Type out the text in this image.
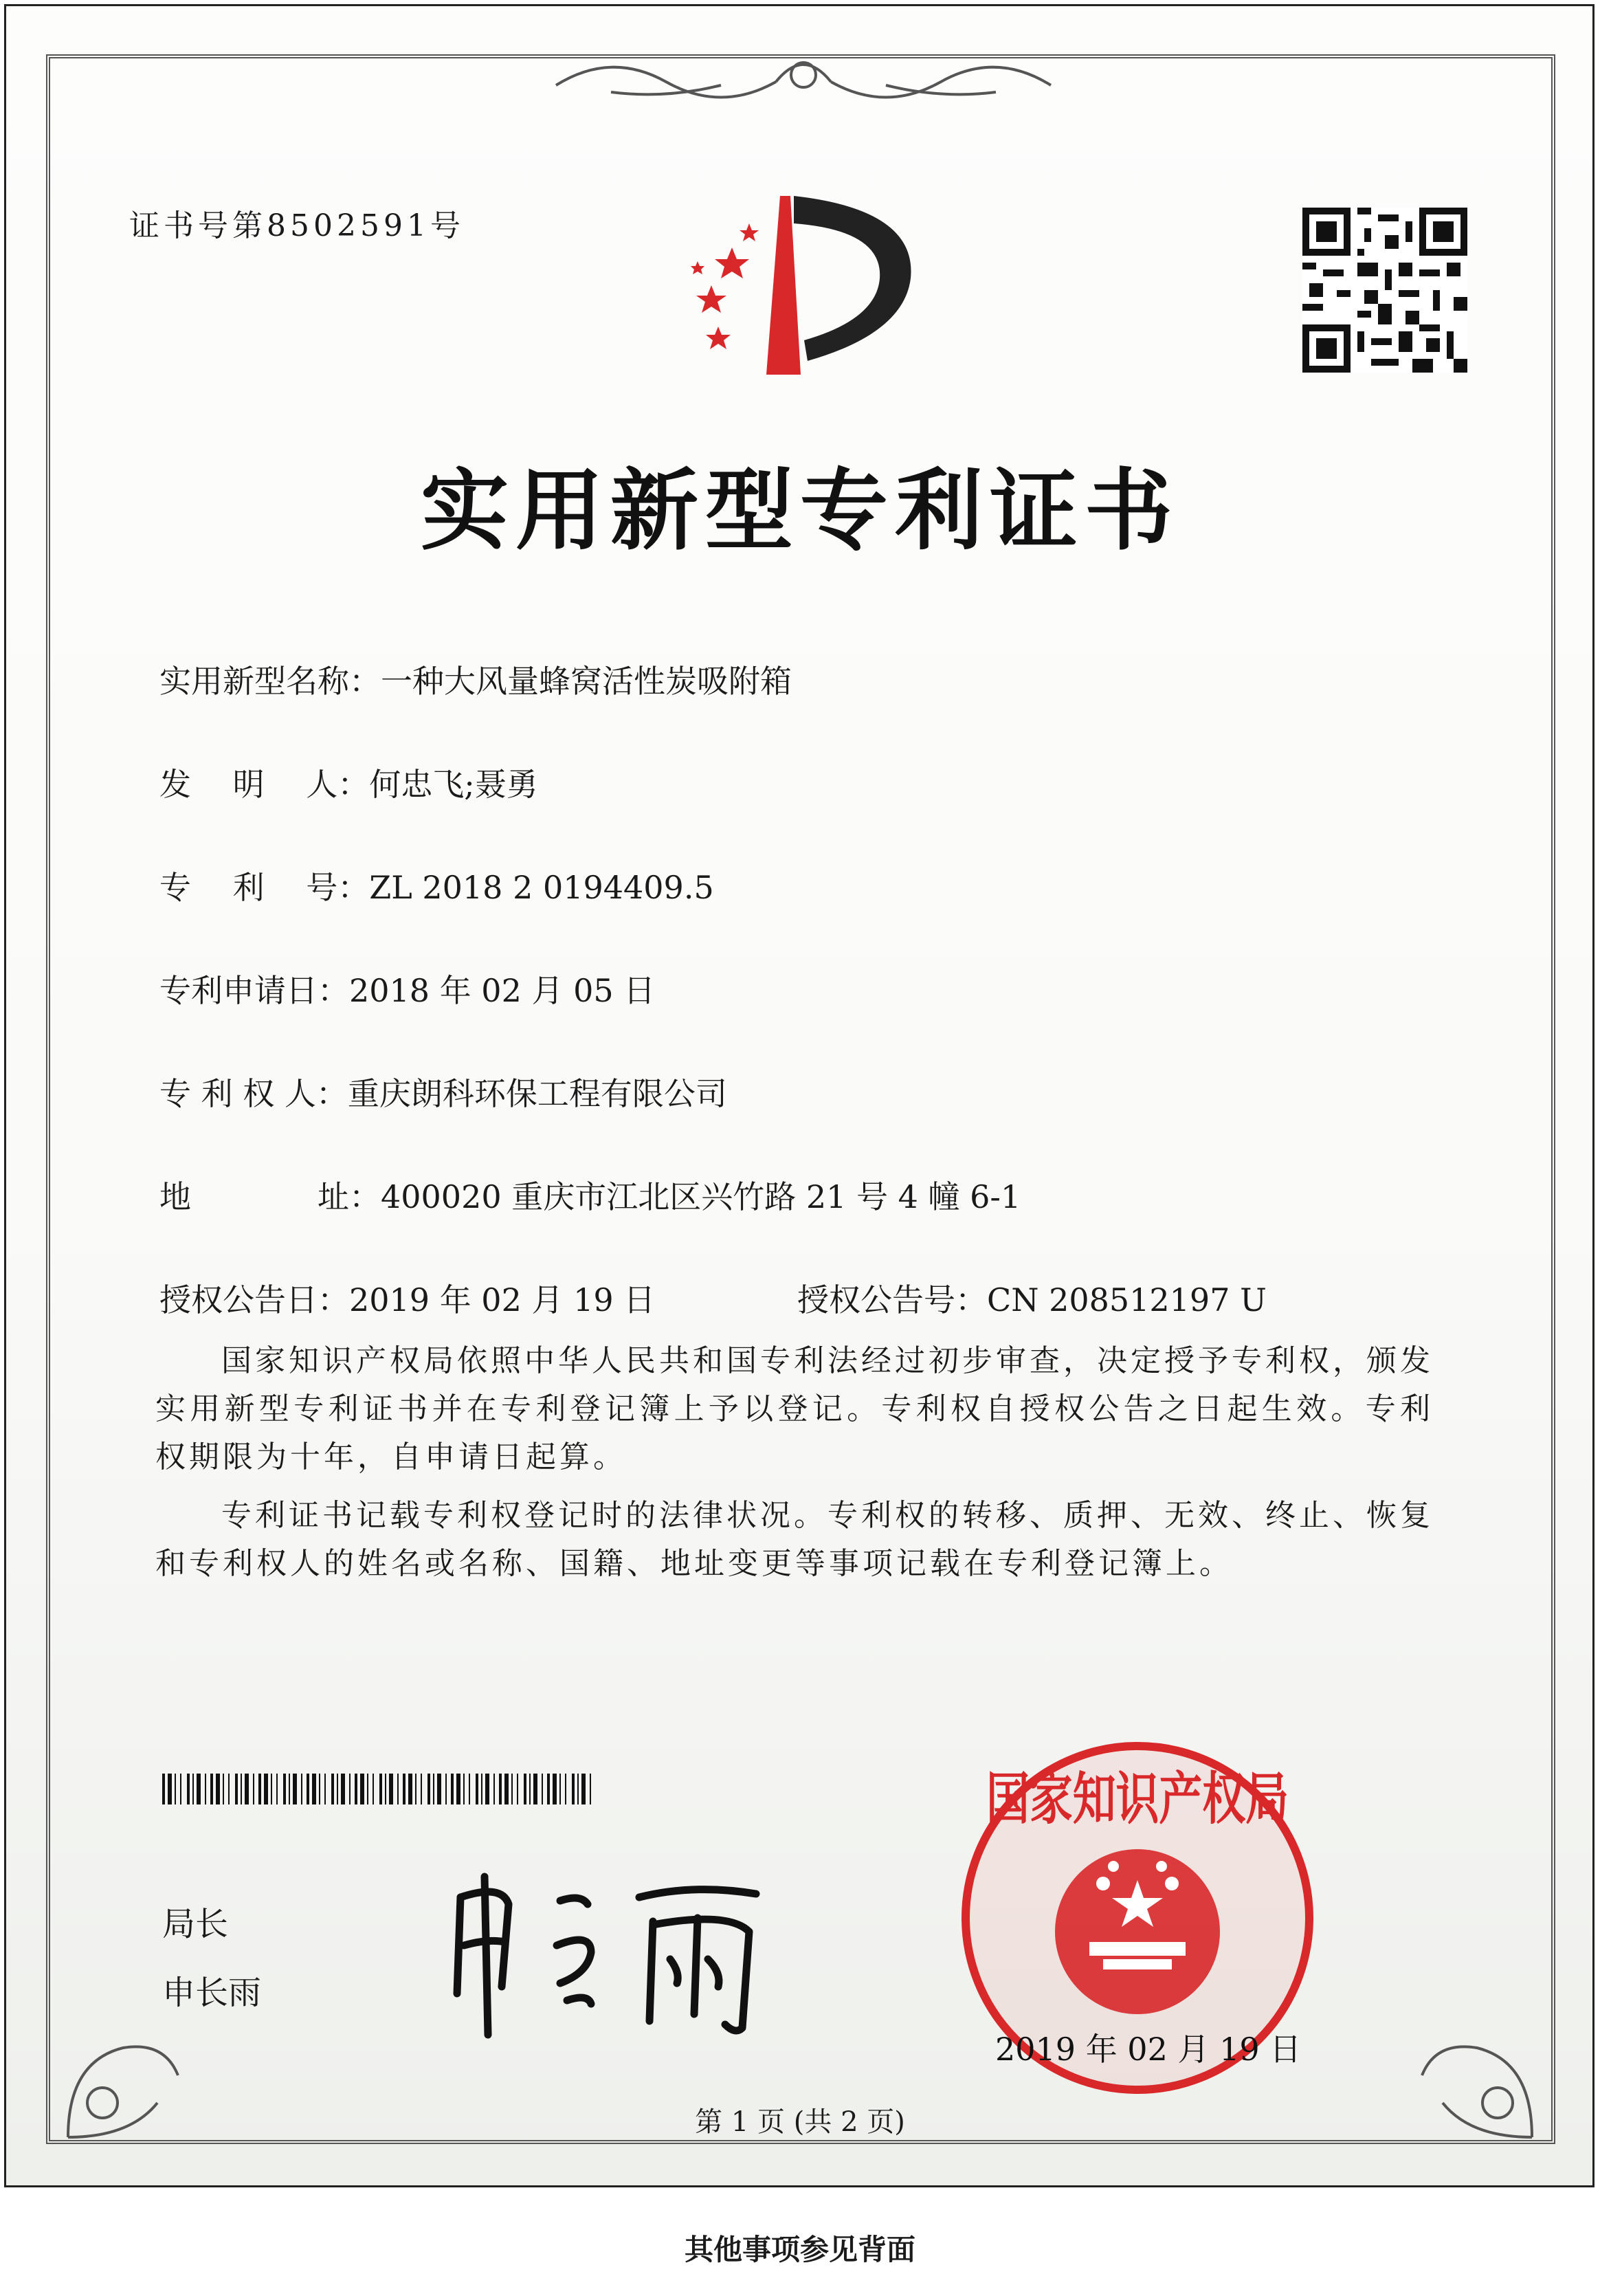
证书号第8502591号
实用新型专利证书
实用新型名称：一种大风量蜂窝活性炭吸附箱
发　 明　 人：何忠飞;聂勇
专　 利　 号：ZL 2018 2 0194409.5
专利申请日：2018 年 02 月 05 日
专 利 权 人：重庆朗科环保工程有限公司
地　　　　址：400020 重庆市江北区兴竹路 21 号 4 幢 6-1
授权公告日：2019 年 02 月 19 日	授权公告号：CN 208512197 U

国家知识产权局依照中华人民共和国专利法经过初步审查，决定授予专利权，颁发实用新型专利证书并在专利登记簿上予以登记。专利权自授权公告之日起生效。专利权期限为十年，自申请日起算。

专利证书记载专利权登记时的法律状况。专利权的转移、质押、无效、终止、恢复和专利权人的姓名或名称、国籍、地址变更等事项记载在专利登记簿上。

局长
申长雨
国家知识产权局
2019 年 02 月 19 日
第 1 页 (共 2 页)
其他事项参见背面
